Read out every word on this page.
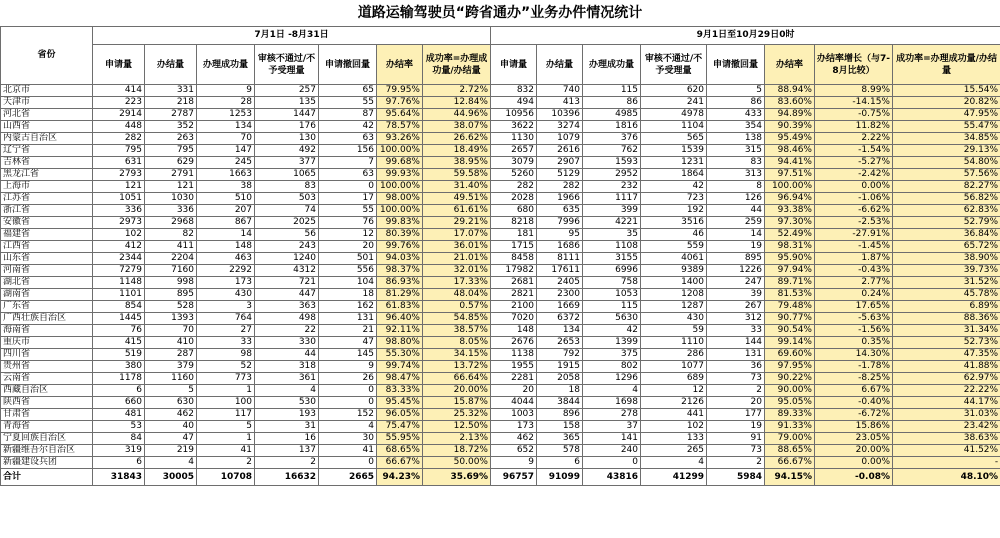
道路运输驾驶员“跨省通办”业务办件情况统计
省份	7月1日 -8月31日							9月1日至10月29日0时							
	申请量	办结量	办理成功量	审核不通过/不予受理量	申请撤回量	办结率	成功率=办理成功量/办结量	申请量	办结量	办理成功量	审核不通过/不予受理量	申请撤回量	办结率	办结率增长（与7-8月比较）	成功率=办理成功量/办结量
北京市	414	331	9	257	65	79.95%	2.72%	832	740	115	620	5	88.94%	8.99%	15.54%
天津市	223	218	28	135	55	97.76%	12.84%	494	413	86	241	86	83.60%	-14.15%	20.82%
河北省	2914	2787	1253	1447	87	95.64%	44.96%	10956	10396	4985	4978	433	94.89%	-0.75%	47.95%
山西省	448	352	134	176	42	78.57%	38.07%	3622	3274	1816	1104	354	90.39%	11.82%	55.47%
内蒙古自治区	282	263	70	130	63	93.26%	26.62%	1130	1079	376	565	138	95.49%	2.22%	34.85%
辽宁省	795	795	147	492	156	100.00%	18.49%	2657	2616	762	1539	315	98.46%	-1.54%	29.13%
吉林省	631	629	245	377	7	99.68%	38.95%	3079	2907	1593	1231	83	94.41%	-5.27%	54.80%
黑龙江省	2793	2791	1663	1065	63	99.93%	59.58%	5260	5129	2952	1864	313	97.51%	-2.42%	57.56%
上海市	121	121	38	83	0	100.00%	31.40%	282	282	232	42	8	100.00%	0.00%	82.27%
江苏省	1051	1030	510	503	17	98.00%	49.51%	2028	1966	1117	723	126	96.94%	-1.06%	56.82%
浙江省	336	336	207	74	55	100.00%	61.61%	680	635	399	192	44	93.38%	-6.62%	62.83%
安徽省	2973	2968	867	2025	76	99.83%	29.21%	8218	7996	4221	3516	259	97.30%	-2.53%	52.79%
福建省	102	82	14	56	12	80.39%	17.07%	181	95	35	46	14	52.49%	-27.91%	36.84%
江西省	412	411	148	243	20	99.76%	36.01%	1715	1686	1108	559	19	98.31%	-1.45%	65.72%
山东省	2344	2204	463	1240	501	94.03%	21.01%	8458	8111	3155	4061	895	95.90%	1.87%	38.90%
河南省	7279	7160	2292	4312	556	98.37%	32.01%	17982	17611	6996	9389	1226	97.94%	-0.43%	39.73%
湖北省	1148	998	173	721	104	86.93%	17.33%	2681	2405	758	1400	247	89.71%	2.77%	31.52%
湖南省	1101	895	430	447	18	81.29%	48.04%	2821	2300	1053	1208	39	81.53%	0.24%	45.78%
广东省	854	528	3	363	162	61.83%	0.57%	2100	1669	115	1287	267	79.48%	17.65%	6.89%
广西壮族自治区	1445	1393	764	498	131	96.40%	54.85%	7020	6372	5630	430	312	90.77%	-5.63%	88.36%
海南省	76	70	27	22	21	92.11%	38.57%	148	134	42	59	33	90.54%	-1.56%	31.34%
重庆市	415	410	33	330	47	98.80%	8.05%	2676	2653	1399	1110	144	99.14%	0.35%	52.73%
四川省	519	287	98	44	145	55.30%	34.15%	1138	792	375	286	131	69.60%	14.30%	47.35%
贵州省	380	379	52	318	9	99.74%	13.72%	1955	1915	802	1077	36	97.95%	-1.78%	41.88%
云南省	1178	1160	773	361	26	98.47%	66.64%	2281	2058	1296	689	73	90.22%	-8.25%	62.97%
西藏自治区	6	5	1	4	0	83.33%	20.00%	20	18	4	12	2	90.00%	6.67%	22.22%
陕西省	660	630	100	530	0	95.45%	15.87%	4044	3844	1698	2126	20	95.05%	-0.40%	44.17%
甘肃省	481	462	117	193	152	96.05%	25.32%	1003	896	278	441	177	89.33%	-6.72%	31.03%
青海省	53	40	5	31	4	75.47%	12.50%	173	158	37	102	19	91.33%	15.86%	23.42%
宁夏回族自治区	84	47	1	16	30	55.95%	2.13%	462	365	141	133	91	79.00%	23.05%	38.63%
新疆维吾尔自治区	319	219	41	137	41	68.65%	18.72%	652	578	240	265	73	88.65%	20.00%	41.52%
新疆建设兵团	6	4	2	2	0	66.67%	50.00%	9	6	0	4	2	66.67%	0.00%	-
合计	31843	30005	10708	16632	2665	94.23%	35.69%	96757	91099	43816	41299	5984	94.15%	-0.08%	48.10%
